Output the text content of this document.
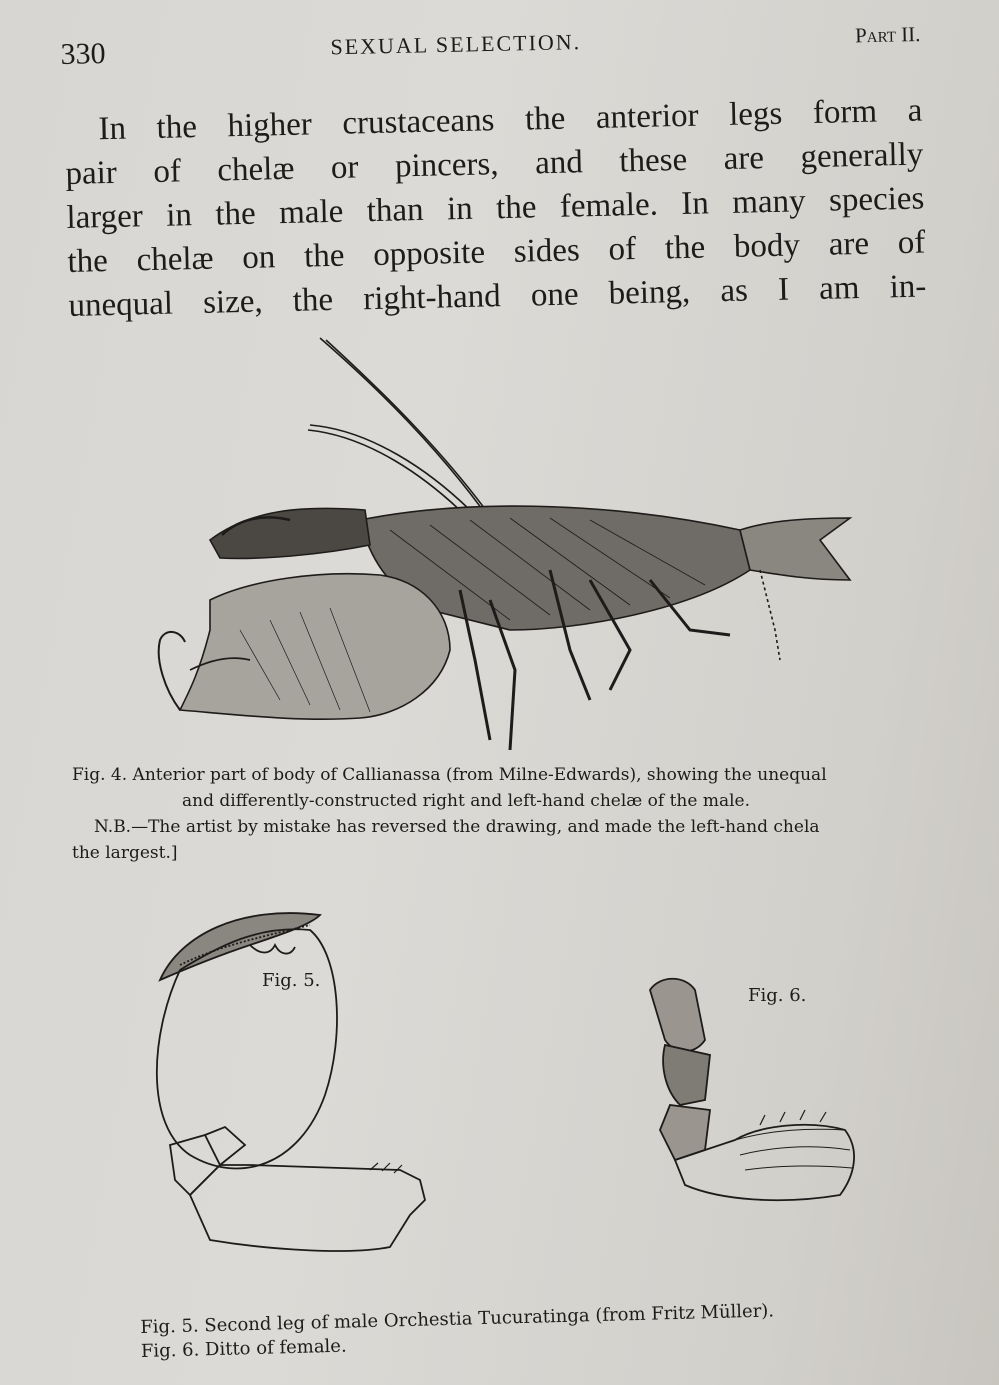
330	SEXUAL SELECTION.	Part II.
In the higher crustaceans the anterior legs form a
pair of chelæ or pincers, and these are generally
larger in the male than in the female. In many species
the chelæ on the opposite sides of the body are of
unequal size, the right-hand one being, as I am in-
Fig. 4. Anterior part of body of Callianassa (from Milne-Edwards), showing the unequal
and differently-constructed right and left-hand chelæ of the male.
N.B.—The artist by mistake has reversed the drawing, and made the left-hand chela
the largest.]
Fig. 5.
Fig. 6.
Fig. 5. Second leg of male Orchestia Tucuratinga (from Fritz Müller).
Fig. 6. Ditto of female.
